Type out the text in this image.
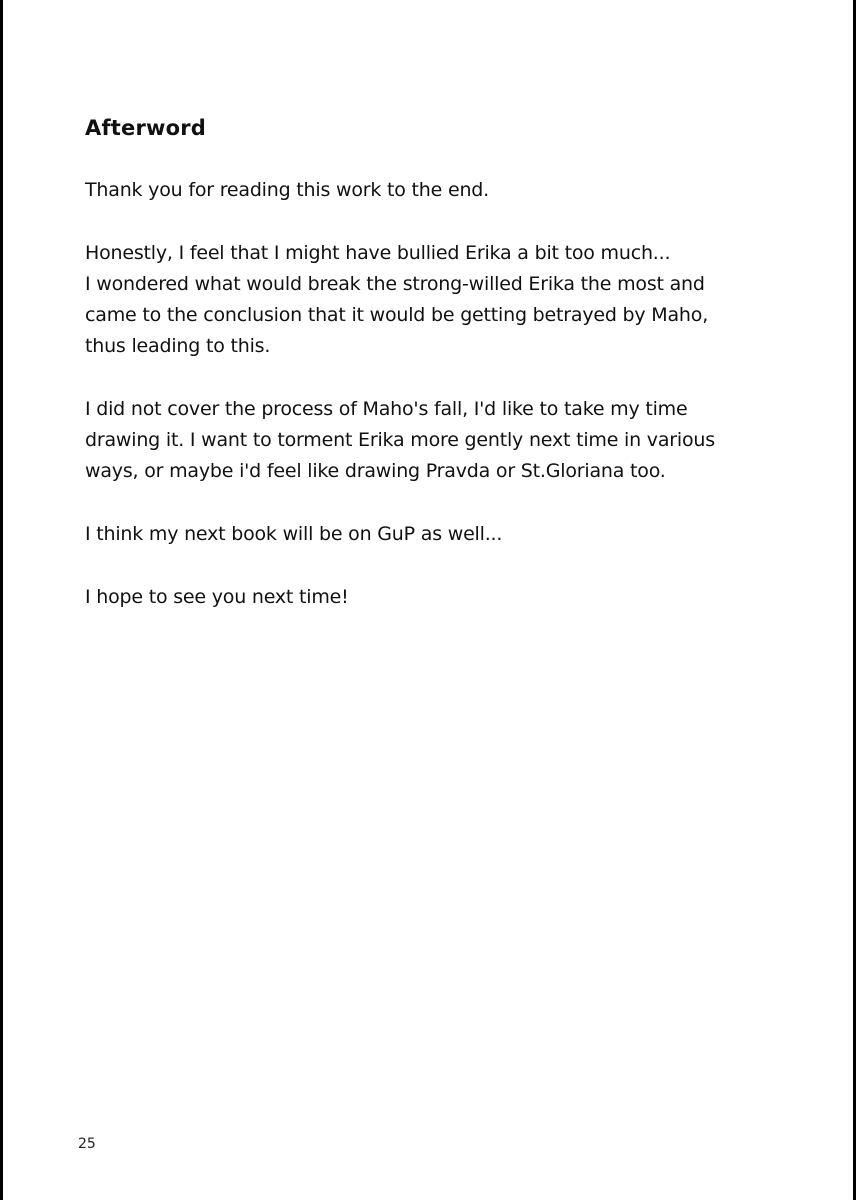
Afterword

Thank you for reading this work to the end.

Honestly, I feel that I might have bullied Erika a bit too much...
I wondered what would break the strong-willed Erika the most and
came to the conclusion that it would be getting betrayed by Maho,
thus leading to this.

I did not cover the process of Maho's fall, I'd like to take my time
drawing it. I want to torment Erika more gently next time in various
ways, or maybe i'd feel like drawing Pravda or St.Gloriana too.

I think my next book will be on GuP as well...

I hope to see you next time!

25
